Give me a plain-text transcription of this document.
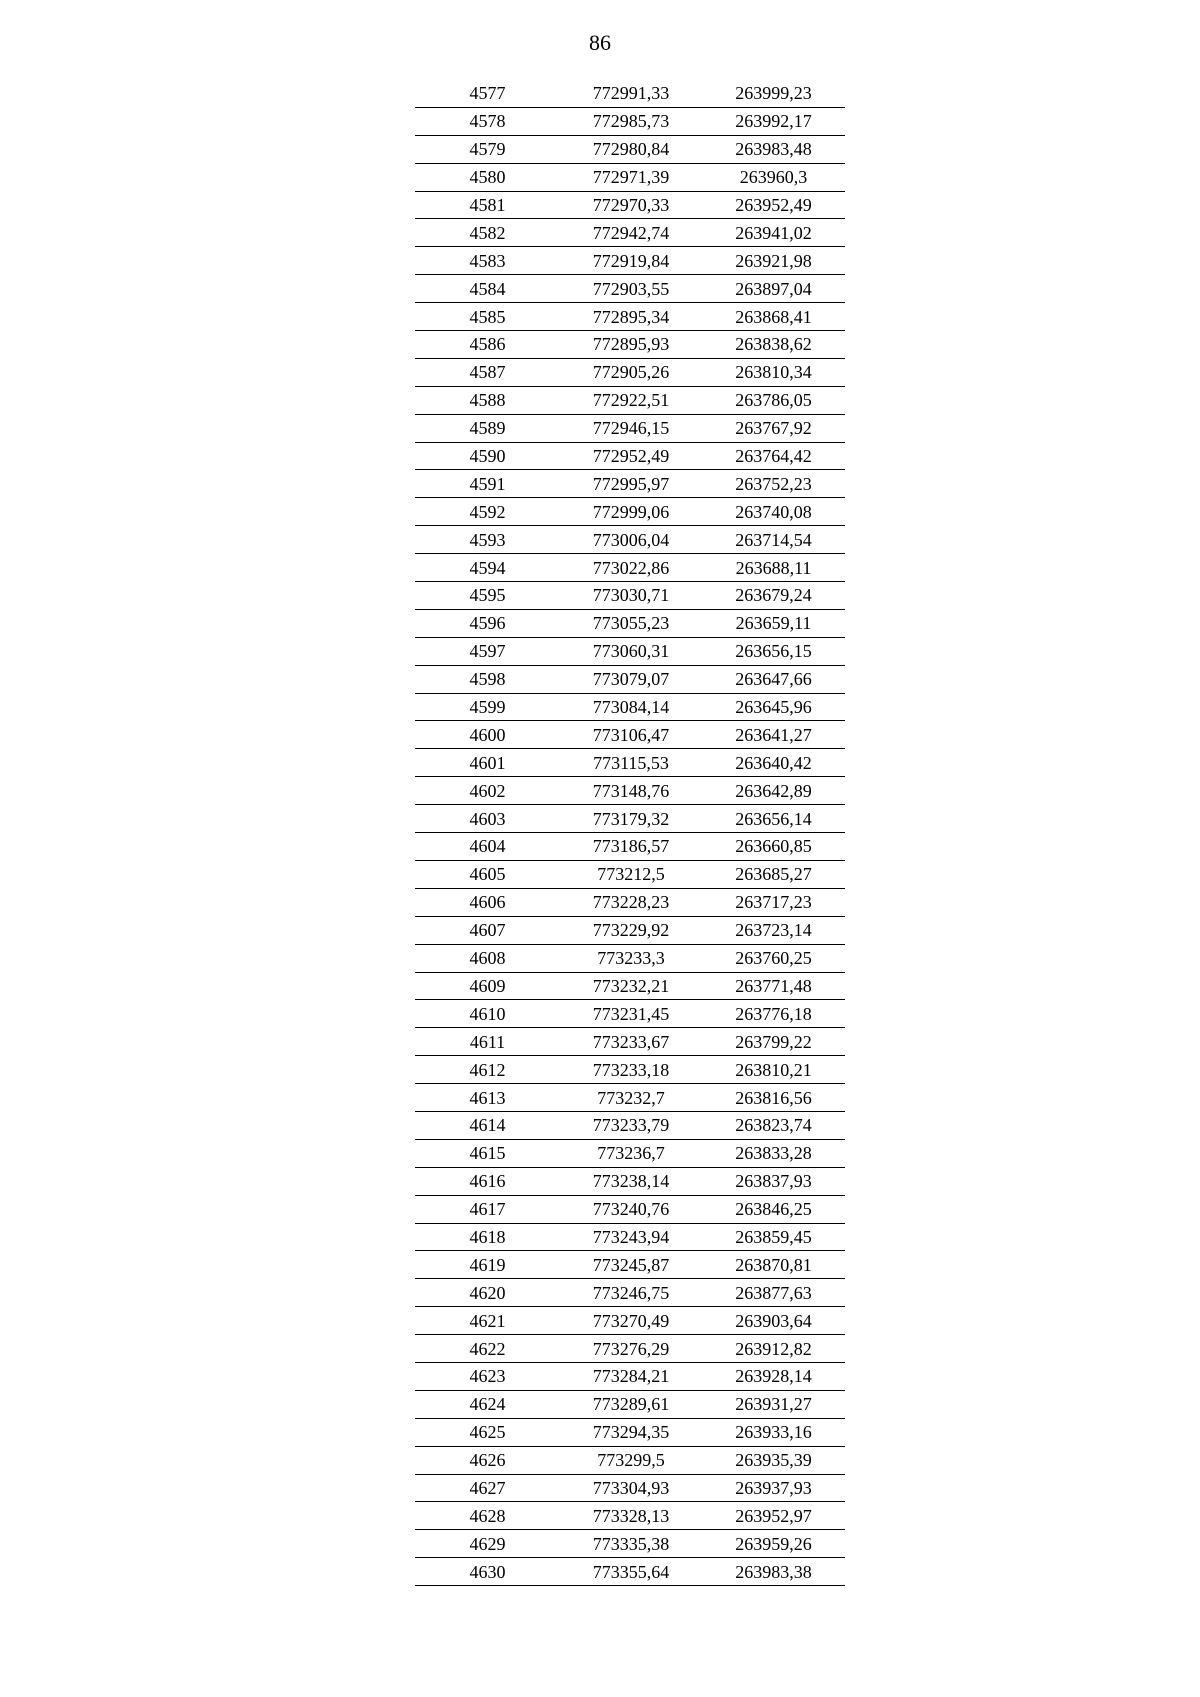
86
4577	772991,33	263999,23
4578	772985,73	263992,17
4579	772980,84	263983,48
4580	772971,39	263960,3
4581	772970,33	263952,49
4582	772942,74	263941,02
4583	772919,84	263921,98
4584	772903,55	263897,04
4585	772895,34	263868,41
4586	772895,93	263838,62
4587	772905,26	263810,34
4588	772922,51	263786,05
4589	772946,15	263767,92
4590	772952,49	263764,42
4591	772995,97	263752,23
4592	772999,06	263740,08
4593	773006,04	263714,54
4594	773022,86	263688,11
4595	773030,71	263679,24
4596	773055,23	263659,11
4597	773060,31	263656,15
4598	773079,07	263647,66
4599	773084,14	263645,96
4600	773106,47	263641,27
4601	773115,53	263640,42
4602	773148,76	263642,89
4603	773179,32	263656,14
4604	773186,57	263660,85
4605	773212,5	263685,27
4606	773228,23	263717,23
4607	773229,92	263723,14
4608	773233,3	263760,25
4609	773232,21	263771,48
4610	773231,45	263776,18
4611	773233,67	263799,22
4612	773233,18	263810,21
4613	773232,7	263816,56
4614	773233,79	263823,74
4615	773236,7	263833,28
4616	773238,14	263837,93
4617	773240,76	263846,25
4618	773243,94	263859,45
4619	773245,87	263870,81
4620	773246,75	263877,63
4621	773270,49	263903,64
4622	773276,29	263912,82
4623	773284,21	263928,14
4624	773289,61	263931,27
4625	773294,35	263933,16
4626	773299,5	263935,39
4627	773304,93	263937,93
4628	773328,13	263952,97
4629	773335,38	263959,26
4630	773355,64	263983,38
